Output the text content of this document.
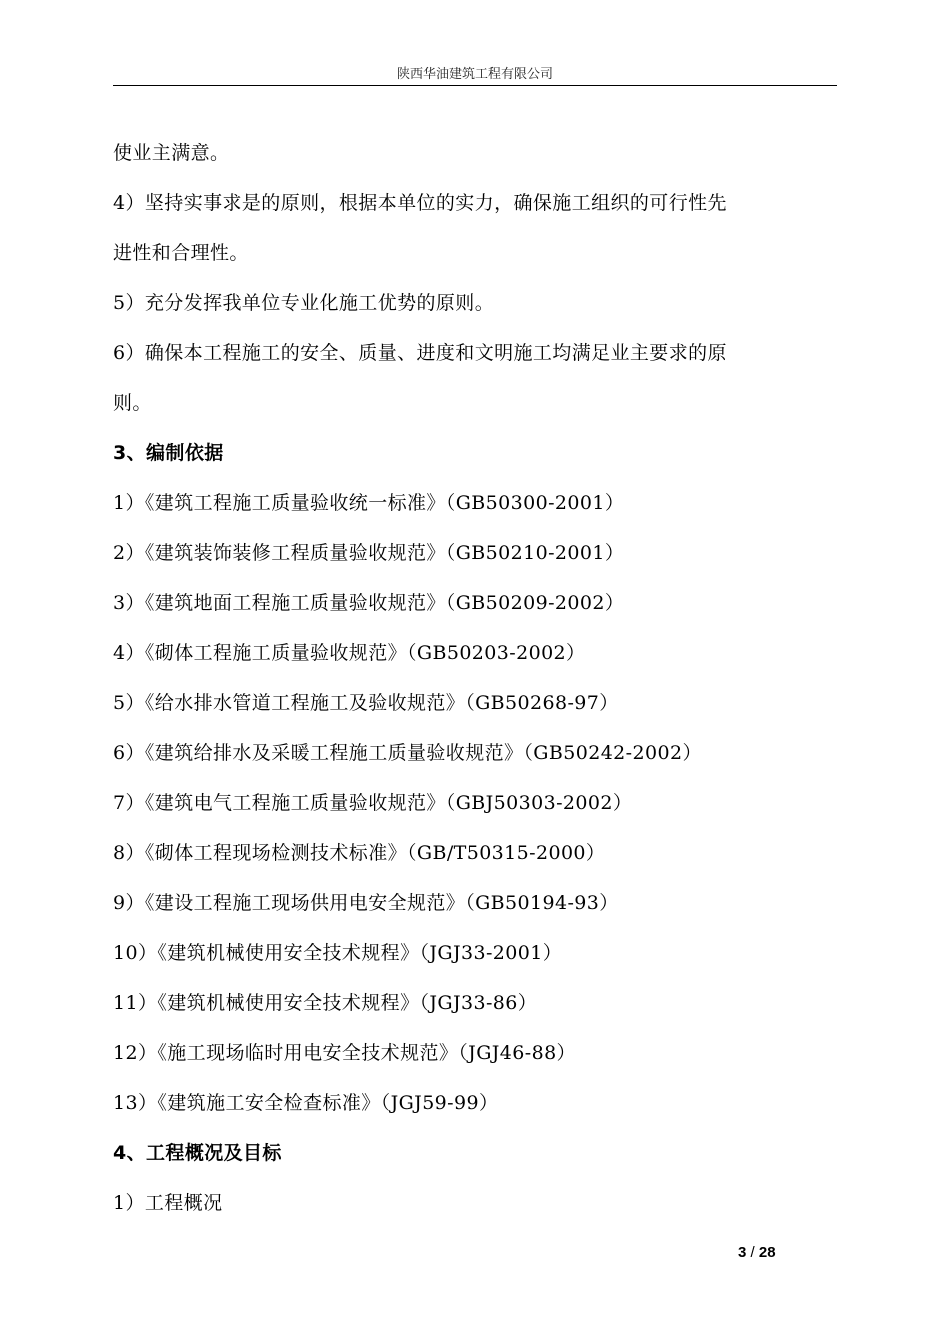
陕西华油建筑工程有限公司
使业主满意。
4）坚持实事求是的原则，根据本单位的实力，确保施工组织的可行性先
进性和合理性。
5）充分发挥我单位专业化施工优势的原则。
6）确保本工程施工的安全、质量、进度和文明施工均满足业主要求的原
则。
3、编制依据
1）《建筑工程施工质量验收统一标准》（GB50300-2001）
2）《建筑装饰装修工程质量验收规范》（GB50210-2001）
3）《建筑地面工程施工质量验收规范》（GB50209-2002）
4）《砌体工程施工质量验收规范》（GB50203-2002）
5）《给水排水管道工程施工及验收规范》（GB50268-97）
6）《建筑给排水及采暖工程施工质量验收规范》（GB50242-2002）
7）《建筑电气工程施工质量验收规范》（GBJ50303-2002）
8）《砌体工程现场检测技术标准》（GB/T50315-2000）
9）《建设工程施工现场供用电安全规范》（GB50194-93）
10）《建筑机械使用安全技术规程》（JGJ33-2001）
11）《建筑机械使用安全技术规程》（JGJ33-86）
12）《施工现场临时用电安全技术规范》（JGJ46-88）
13）《建筑施工安全检查标准》（JGJ59-99）
4、工程概况及目标
1）工程概况
3 / 28
